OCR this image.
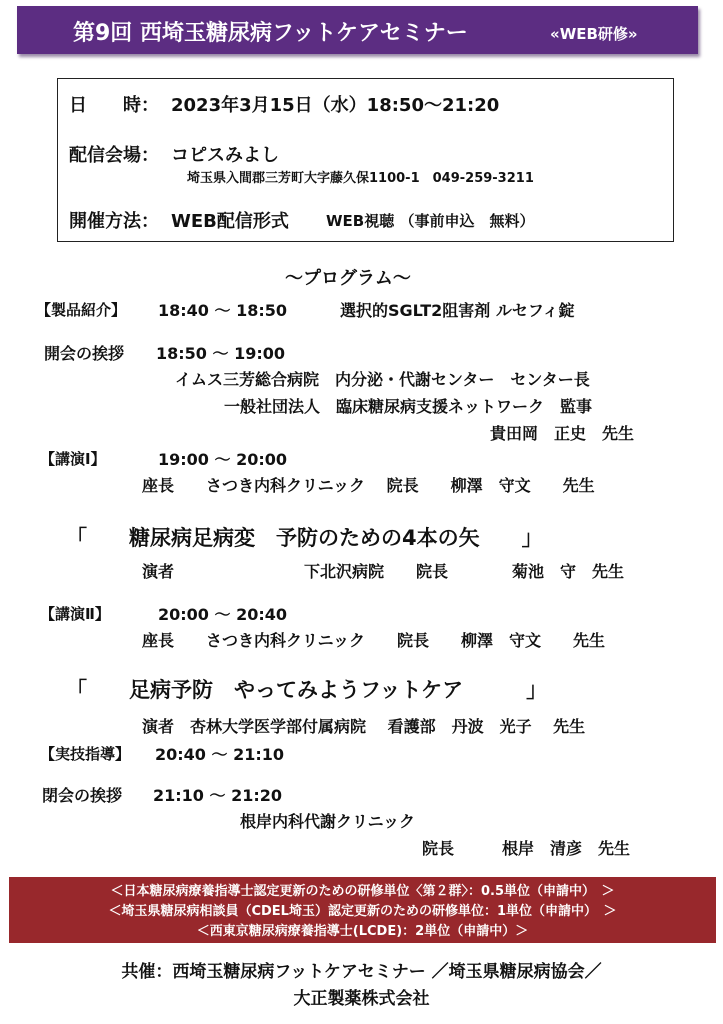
第9回 西埼玉糖尿病フットケアセミナー	«WEB研修»
日　　時： 2023年3月15日（水）18:50～21:20
配信会場： コピスみよし
埼玉県入間郡三芳町大字藤久保1100-1　049-259-3211
開催方法： WEB配信形式 WEB視聴 （事前申込　無料）
～プログラム～
【製品紹介】 18:40 ～ 18:50	選択的SGLT2阻害剤 ルセフィ錠
開会の挨拶 18:50 ～ 19:00
イムス三芳総合病院　内分泌・代謝センター　センター長
一般社団法人　臨床糖尿病支援ネットワーク　監事
貴田岡　正史　先生
【講演Ⅰ】	19:00 ～ 20:00
座長　　さつき内科クリニック　 院長　　柳澤　守文　　先生
「　　糖尿病足病変　予防のための4本の矢　　」
演者	下北沢病院　　院長　　　　菊池　守　先生
【講演Ⅱ】	20:00 ～ 20:40
座長　　さつき内科クリニック　　院長　　柳澤　守文　　先生
「　　足病予防　やってみようフットケア　　　」
演者　杏林大学医学部付属病院　 看護部　丹波　光子　 先生
【実技指導】 20:40 ～ 21:10
閉会の挨拶 21:10 ～ 21:20
根岸内科代謝クリニック
院長　　　根岸　清彦　先生
＜日本糖尿病療養指導士認定更新のための研修単位〈第２群〉：0.5単位（申請中）　＞
＜埼玉県糖尿病相談員（CDEL埼玉）認定更新のための研修単位：1単位（申請中）　＞
＜西東京糖尿病療養指導士(LCDE)：2単位（申請中）＞
共催：西埼玉糖尿病フットケアセミナー ／埼玉県糖尿病協会／
大正製薬株式会社
